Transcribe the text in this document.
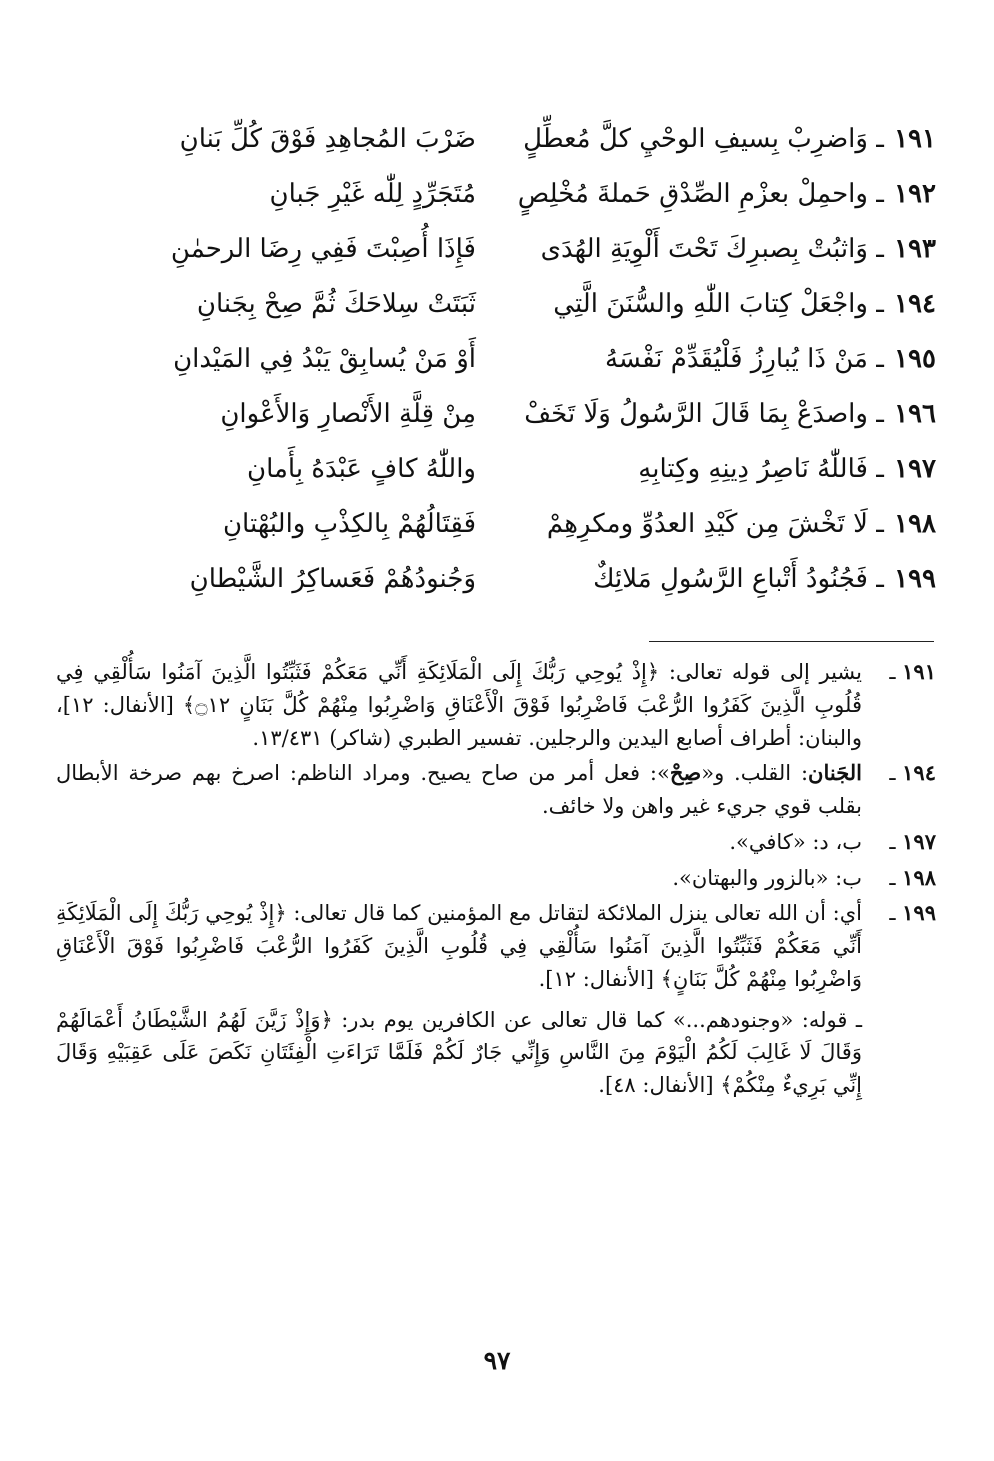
١٩١ ـ وَاضرِبْ بِسيفِ الوحْيِ كلَّ مُعطِّلٍ
ضَرْبَ المُجاهِدِ فَوْقَ كُلِّ بَنانِ
١٩٢ ـ واحمِلْ بعزْمِ الصِّدْقِ حَملةَ مُخْلِصٍ
مُتَجَرِّدٍ لِلّٰه غَيْرِ جَبانِ
١٩٣ ـ وَاثبُتْ بِصبرِكَ تَحْتَ أَلْوِيَةِ الهُدَى
فَإِذَا أُصِبْتَ فَفِي رِضَا الرحمٰنِ
١٩٤ ـ واجْعَلْ كِتابَ اللّٰهِ والسُّنَنَ الَّتِي
ثَبَتَتْ سِلاحَكَ ثُمَّ صِحْ بِجَنانِ
١٩٥ ـ مَنْ ذَا يُبارِزُ فَلْيُقَدِّمْ نَفْسَهُ
أَوْ مَنْ يُسابِقْ يَبْدُ فِي المَيْدانِ
١٩٦ ـ واصدَعْ بِمَا قَالَ الرَّسُولُ وَلَا تَخَفْ
مِنْ قِلَّةِ الأَنْصارِ وَالأَعْوانِ
١٩٧ ـ فَاللّٰهُ نَاصِرُ دِينِهِ وكِتابِهِ
واللّٰهُ كافٍ عَبْدَهُ بِأَمانِ
١٩٨ ـ لَا تَخْشَ مِن كَيْدِ العدُوِّ ومكرِهِمْ
فَقِتَالُهُمْ بِالكِذْبِ والبُهْتانِ
١٩٩ ـ فَجُنُودُ أَتْباعِ الرَّسُولِ مَلائِكٌ
وَجُنودُهُمْ فَعَساكِرُ الشَّيْطانِ
١٩١ ـ
يشير إلى قوله تعالى: ﴿إِذْ يُوحِي رَبُّكَ إِلَى الْمَلَائِكَةِ أَنِّي مَعَكُمْ فَثَبِّتُوا الَّذِينَ آمَنُوا سَأُلْقِي فِي قُلُوبِ الَّذِينَ كَفَرُوا الرُّعْبَ فَاضْرِبُوا فَوْقَ الْأَعْنَاقِ وَاضْرِبُوا مِنْهُمْ كُلَّ بَنَانٍ ۝١٢﴾ [الأنفال: ١٢]، والبنان: أطراف أصابع اليدين والرجلين. تفسير الطبري (شاكر) ١٣/٤٣١.
١٩٤ ـ
الجَنان: القلب. و«صِحْ»: فعل أمر من صاح يصيح. ومراد الناظم: اصرخ بهم صرخة الأبطال بقلب قوي جريء غير واهن ولا خائف.
١٩٧ ـ
ب، د: «كافي».
١٩٨ ـ
ب: «بالزور والبهتان».
١٩٩ ـ
أي: أن الله تعالى ينزل الملائكة لتقاتل مع المؤمنين كما قال تعالى: ﴿إِذْ يُوحِي رَبُّكَ إِلَى الْمَلَائِكَةِ أَنِّي مَعَكُمْ فَثَبِّتُوا الَّذِينَ آمَنُوا سَأُلْقِي فِي قُلُوبِ الَّذِينَ كَفَرُوا الرُّعْبَ فَاضْرِبُوا فَوْقَ الْأَعْنَاقِ وَاضْرِبُوا مِنْهُمْ كُلَّ بَنَانٍ﴾ [الأنفال: ١٢].
ـ قوله: «وجنودهم...» كما قال تعالى عن الكافرين يوم بدر: ﴿وَإِذْ زَيَّنَ لَهُمُ الشَّيْطَانُ أَعْمَالَهُمْ وَقَالَ لَا غَالِبَ لَكُمُ الْيَوْمَ مِنَ النَّاسِ وَإِنِّي جَارٌ لَكُمْ فَلَمَّا تَرَاءَتِ الْفِئَتَانِ نَكَصَ عَلَى عَقِبَيْهِ وَقَالَ إِنِّي بَرِيءٌ مِنْكُمْ﴾ [الأنفال: ٤٨].
٩٧
